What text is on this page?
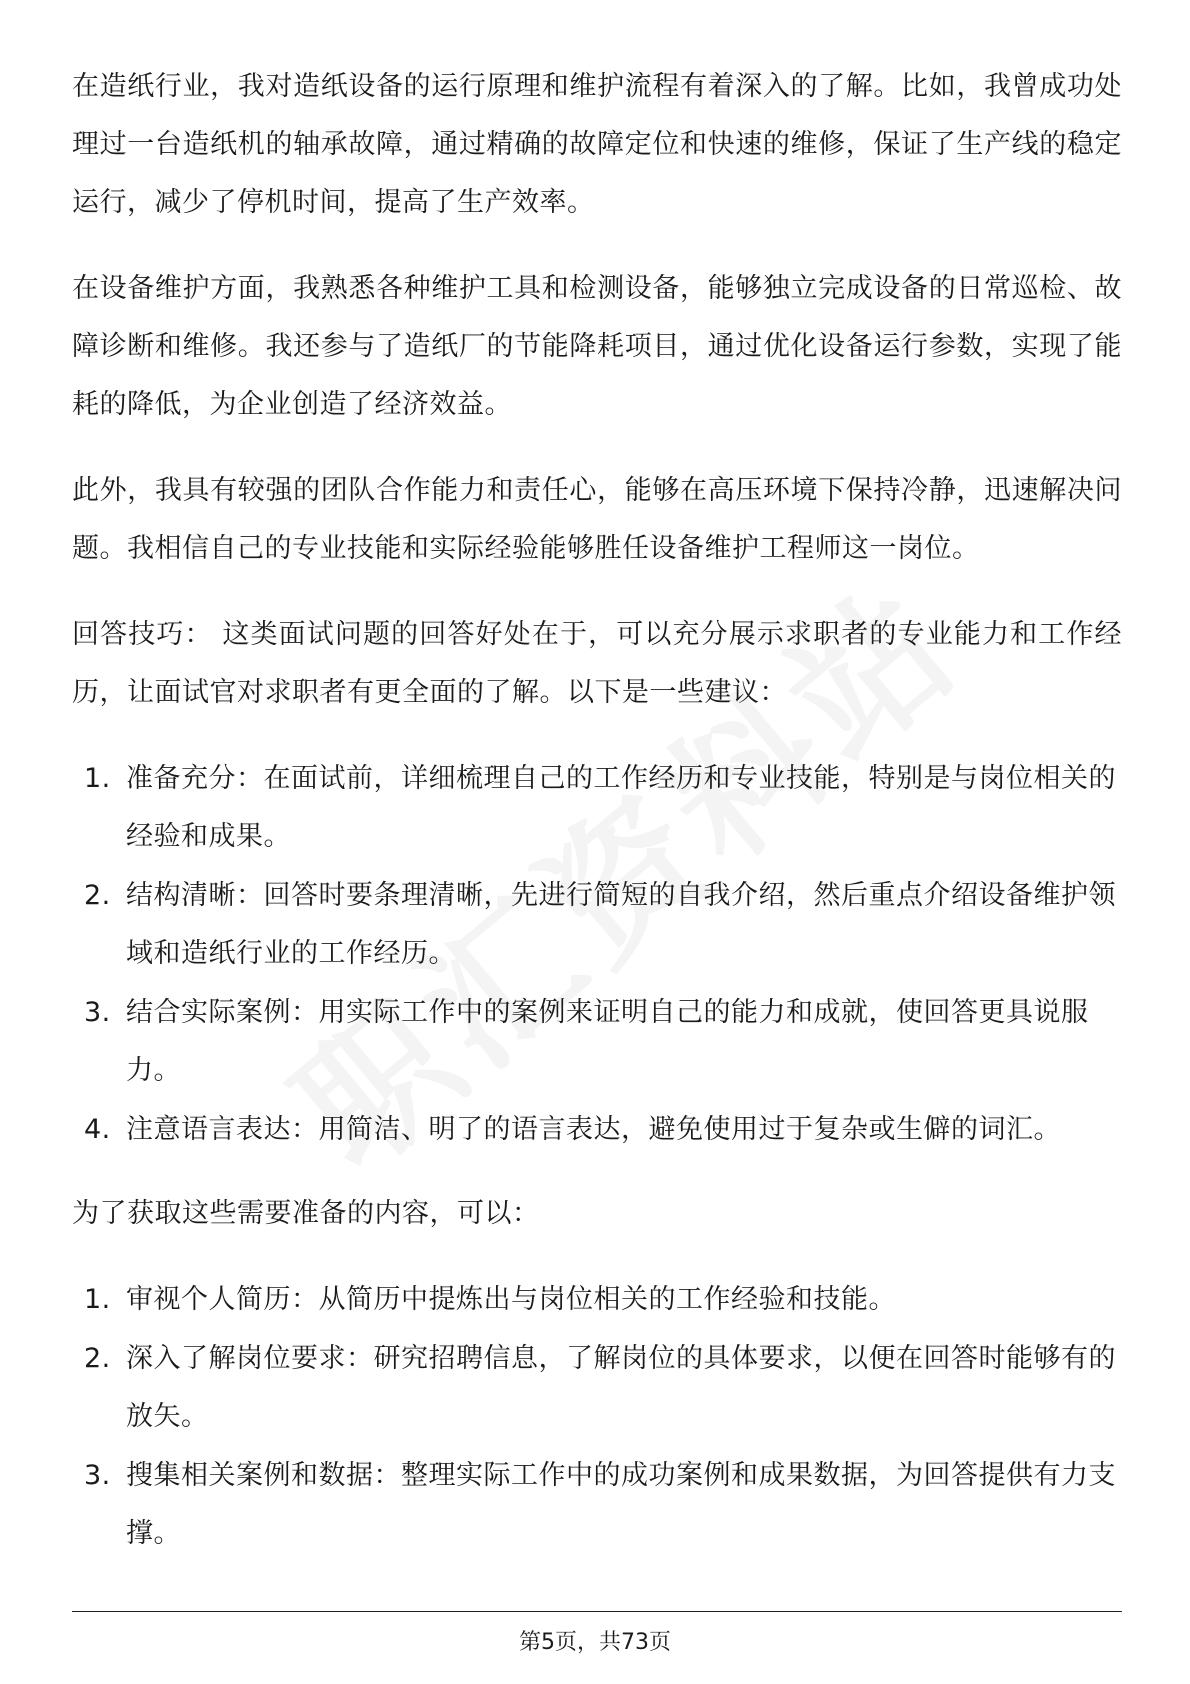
在造纸行业，我对造纸设备的运行原理和维护流程有着深入的了解。比如，我曾成功处理过一台造纸机的轴承故障，通过精确的故障定位和快速的维修，保证了生产线的稳定运行，减少了停机时间，提高了生产效率。

在设备维护方面，我熟悉各种维护工具和检测设备，能够独立完成设备的日常巡检、故障诊断和维修。我还参与了造纸厂的节能降耗项目，通过优化设备运行参数，实现了能耗的降低，为企业创造了经济效益。

此外，我具有较强的团队合作能力和责任心，能够在高压环境下保持冷静，迅速解决问题。我相信自己的专业技能和实际经验能够胜任设备维护工程师这一岗位。

回答技巧： 这类面试问题的回答好处在于，可以充分展示求职者的专业能力和工作经历，让面试官对求职者有更全面的了解。以下是一些建议：

1. 准备充分：在面试前，详细梳理自己的工作经历和专业技能，特别是与岗位相关的经验和成果。
2. 结构清晰：回答时要条理清晰，先进行简短的自我介绍，然后重点介绍设备维护领域和造纸行业的工作经历。
3. 结合实际案例：用实际工作中的案例来证明自己的能力和成就，使回答更具说服力。
4. 注意语言表达：用简洁、明了的语言表达，避免使用过于复杂或生僻的词汇。

为了获取这些需要准备的内容，可以：

1. 审视个人简历：从简历中提炼出与岗位相关的工作经验和技能。
2. 深入了解岗位要求：研究招聘信息，了解岗位的具体要求，以便在回答时能够有的放矢。
3. 搜集相关案例和数据：整理实际工作中的成功案例和成果数据，为回答提供有力支撑。
第5页，共73页
